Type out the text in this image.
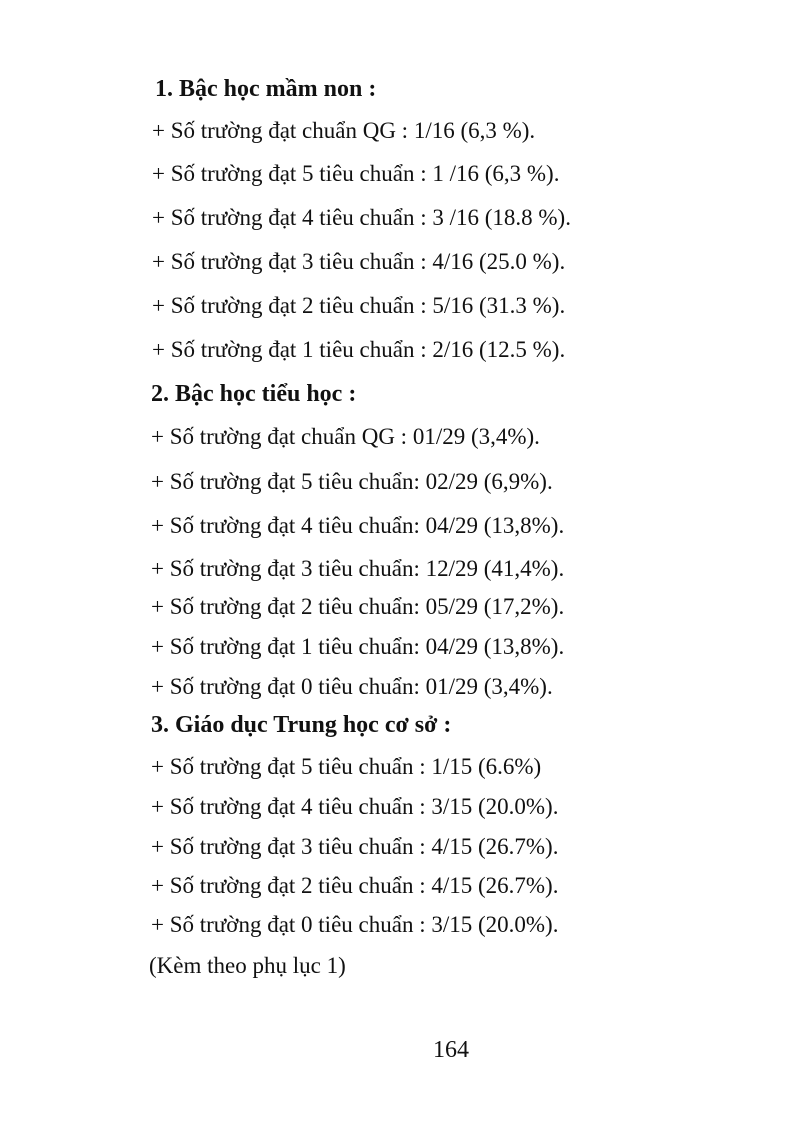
1. Bậc học mầm non :
+ Số trường đạt chuẩn QG : 1/16 (6,3 %).
+ Số trường đạt 5 tiêu chuẩn : 1 /16 (6,3 %).
+ Số trường đạt 4 tiêu chuẩn : 3 /16 (18.8 %).
+ Số trường đạt 3 tiêu chuẩn : 4/16 (25.0 %).
+ Số trường đạt 2 tiêu chuẩn : 5/16 (31.3 %).
+ Số trường đạt 1 tiêu chuẩn : 2/16 (12.5 %).
2. Bậc học tiểu học :
+ Số trường đạt chuẩn QG : 01/29 (3,4%).
+ Số trường đạt 5 tiêu chuẩn: 02/29 (6,9%).
+ Số trường đạt 4 tiêu chuẩn: 04/29 (13,8%).
+ Số trường đạt 3 tiêu chuẩn: 12/29 (41,4%).
+ Số trường đạt 2 tiêu chuẩn: 05/29 (17,2%).
+ Số trường đạt 1 tiêu chuẩn: 04/29 (13,8%).
+ Số trường đạt 0 tiêu chuẩn: 01/29 (3,4%).
3. Giáo dục Trung học cơ sở :
+ Số trường đạt 5 tiêu chuẩn : 1/15 (6.6%)
+ Số trường đạt 4 tiêu chuẩn : 3/15 (20.0%).
+ Số trường đạt 3 tiêu chuẩn : 4/15 (26.7%).
+ Số trường đạt 2 tiêu chuẩn : 4/15 (26.7%).
+ Số trường đạt 0 tiêu chuẩn : 3/15 (20.0%).
(Kèm theo phụ lục 1)
164
